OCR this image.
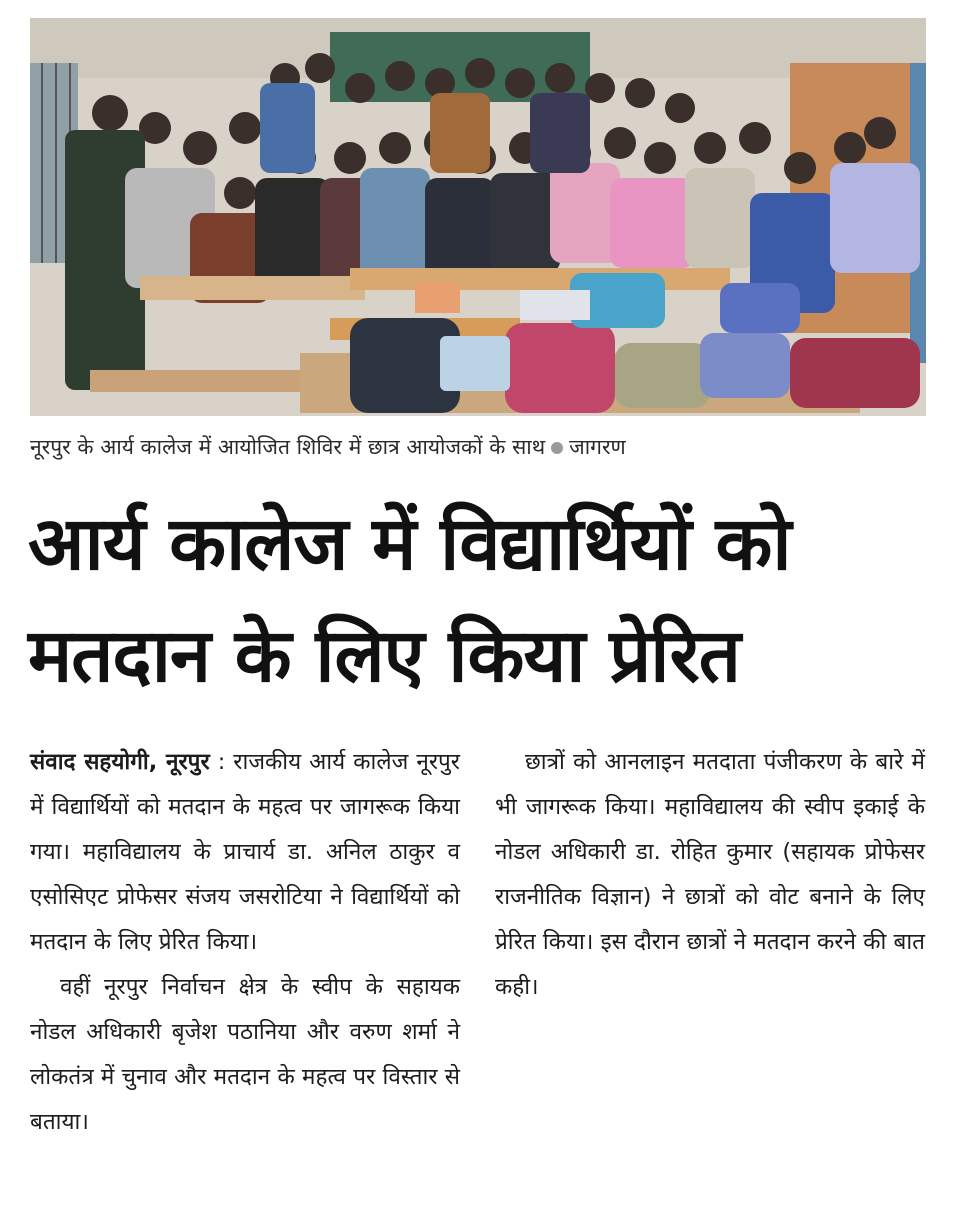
नूरपुर के आर्य कालेज में आयोजित शिविर में छात्र आयोजकों के साथ जागरण
आर्य कालेज में विद्यार्थियों को
मतदान के लिए किया प्रेरित

संवाद सहयोगी, नूरपुर : राजकीय आर्य कालेज नूरपुर में विद्यार्थियों को मतदान के महत्व पर जागरूक किया गया। महाविद्यालय के प्राचार्य डा. अनिल ठाकुर व एसोसिएट प्रोफेसर संजय जसरोटिया ने विद्यार्थियों को मतदान के लिए प्रेरित किया।

वहीं नूरपुर निर्वाचन क्षेत्र के स्वीप के सहायक नोडल अधिकारी बृजेश पठानिया और वरुण शर्मा ने लोकतंत्र में चुनाव और मतदान के महत्व पर विस्तार से बताया।

छात्रों को आनलाइन मतदाता पंजीकरण के बारे में भी जागरूक किया। महाविद्यालय की स्वीप इकाई के नोडल अधिकारी डा. रोहित कुमार (सहायक प्रोफेसर राजनीतिक विज्ञान) ने छात्रों को वोट बनाने के लिए प्रेरित किया। इस दौरान छात्रों ने मतदान करने की बात कही।
